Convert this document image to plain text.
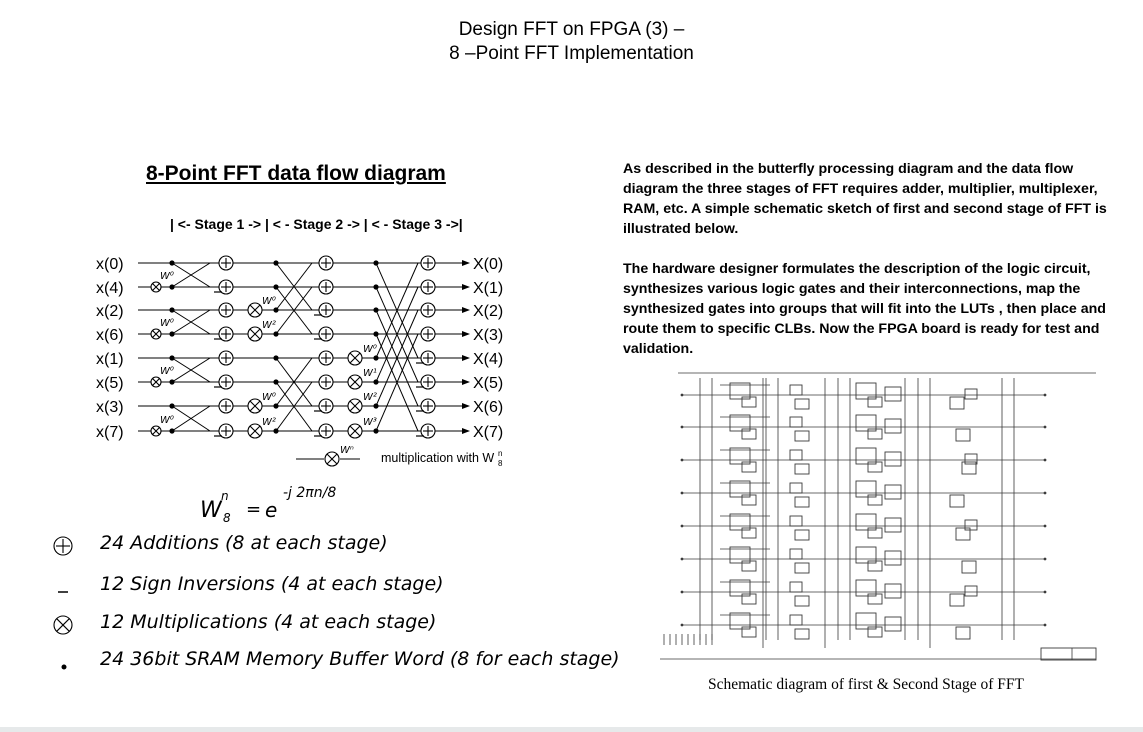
Design FFT on FPGA (3) –
8 –Point FFT Implementation
8-Point FFT data flow diagram
| <- Stage 1 -> | < - Stage 2 -> | < - Stage 3 ->|
x(0)
x(4)
x(2)
x(6)
x(1)
x(5)
x(3)
x(7)
X(0)
X(1)
X(2)
X(3)
X(4)
X(5)
X(6)
X(7)
W⁰
W⁰
W⁰
W⁰
W⁰
W²
W⁰
W²
W⁰
W¹
W²
W³
Wⁿ
multiplication with W 8
n
W
n
8 = e
-j 2πn/8
24 Additions (8 at each stage)
12 Sign Inversions (4 at each stage)
12 Multiplications (4 at each stage)
24 36bit SRAM Memory Buffer Word (8 for each stage)
As described in the butterfly processing diagram and the data flow diagram the three stages of FFT requires adder, multiplier, multiplexer, RAM, etc. A simple schematic sketch of first and second stage of FFT is illustrated below.
The hardware designer formulates the description of the logic circuit, synthesizes various logic gates and their interconnections, map the synthesized gates into groups that will fit into the LUTs , then place and route them to specific CLBs. Now the FPGA board is ready for test and validation.
Schematic diagram of first & Second Stage of FFT
